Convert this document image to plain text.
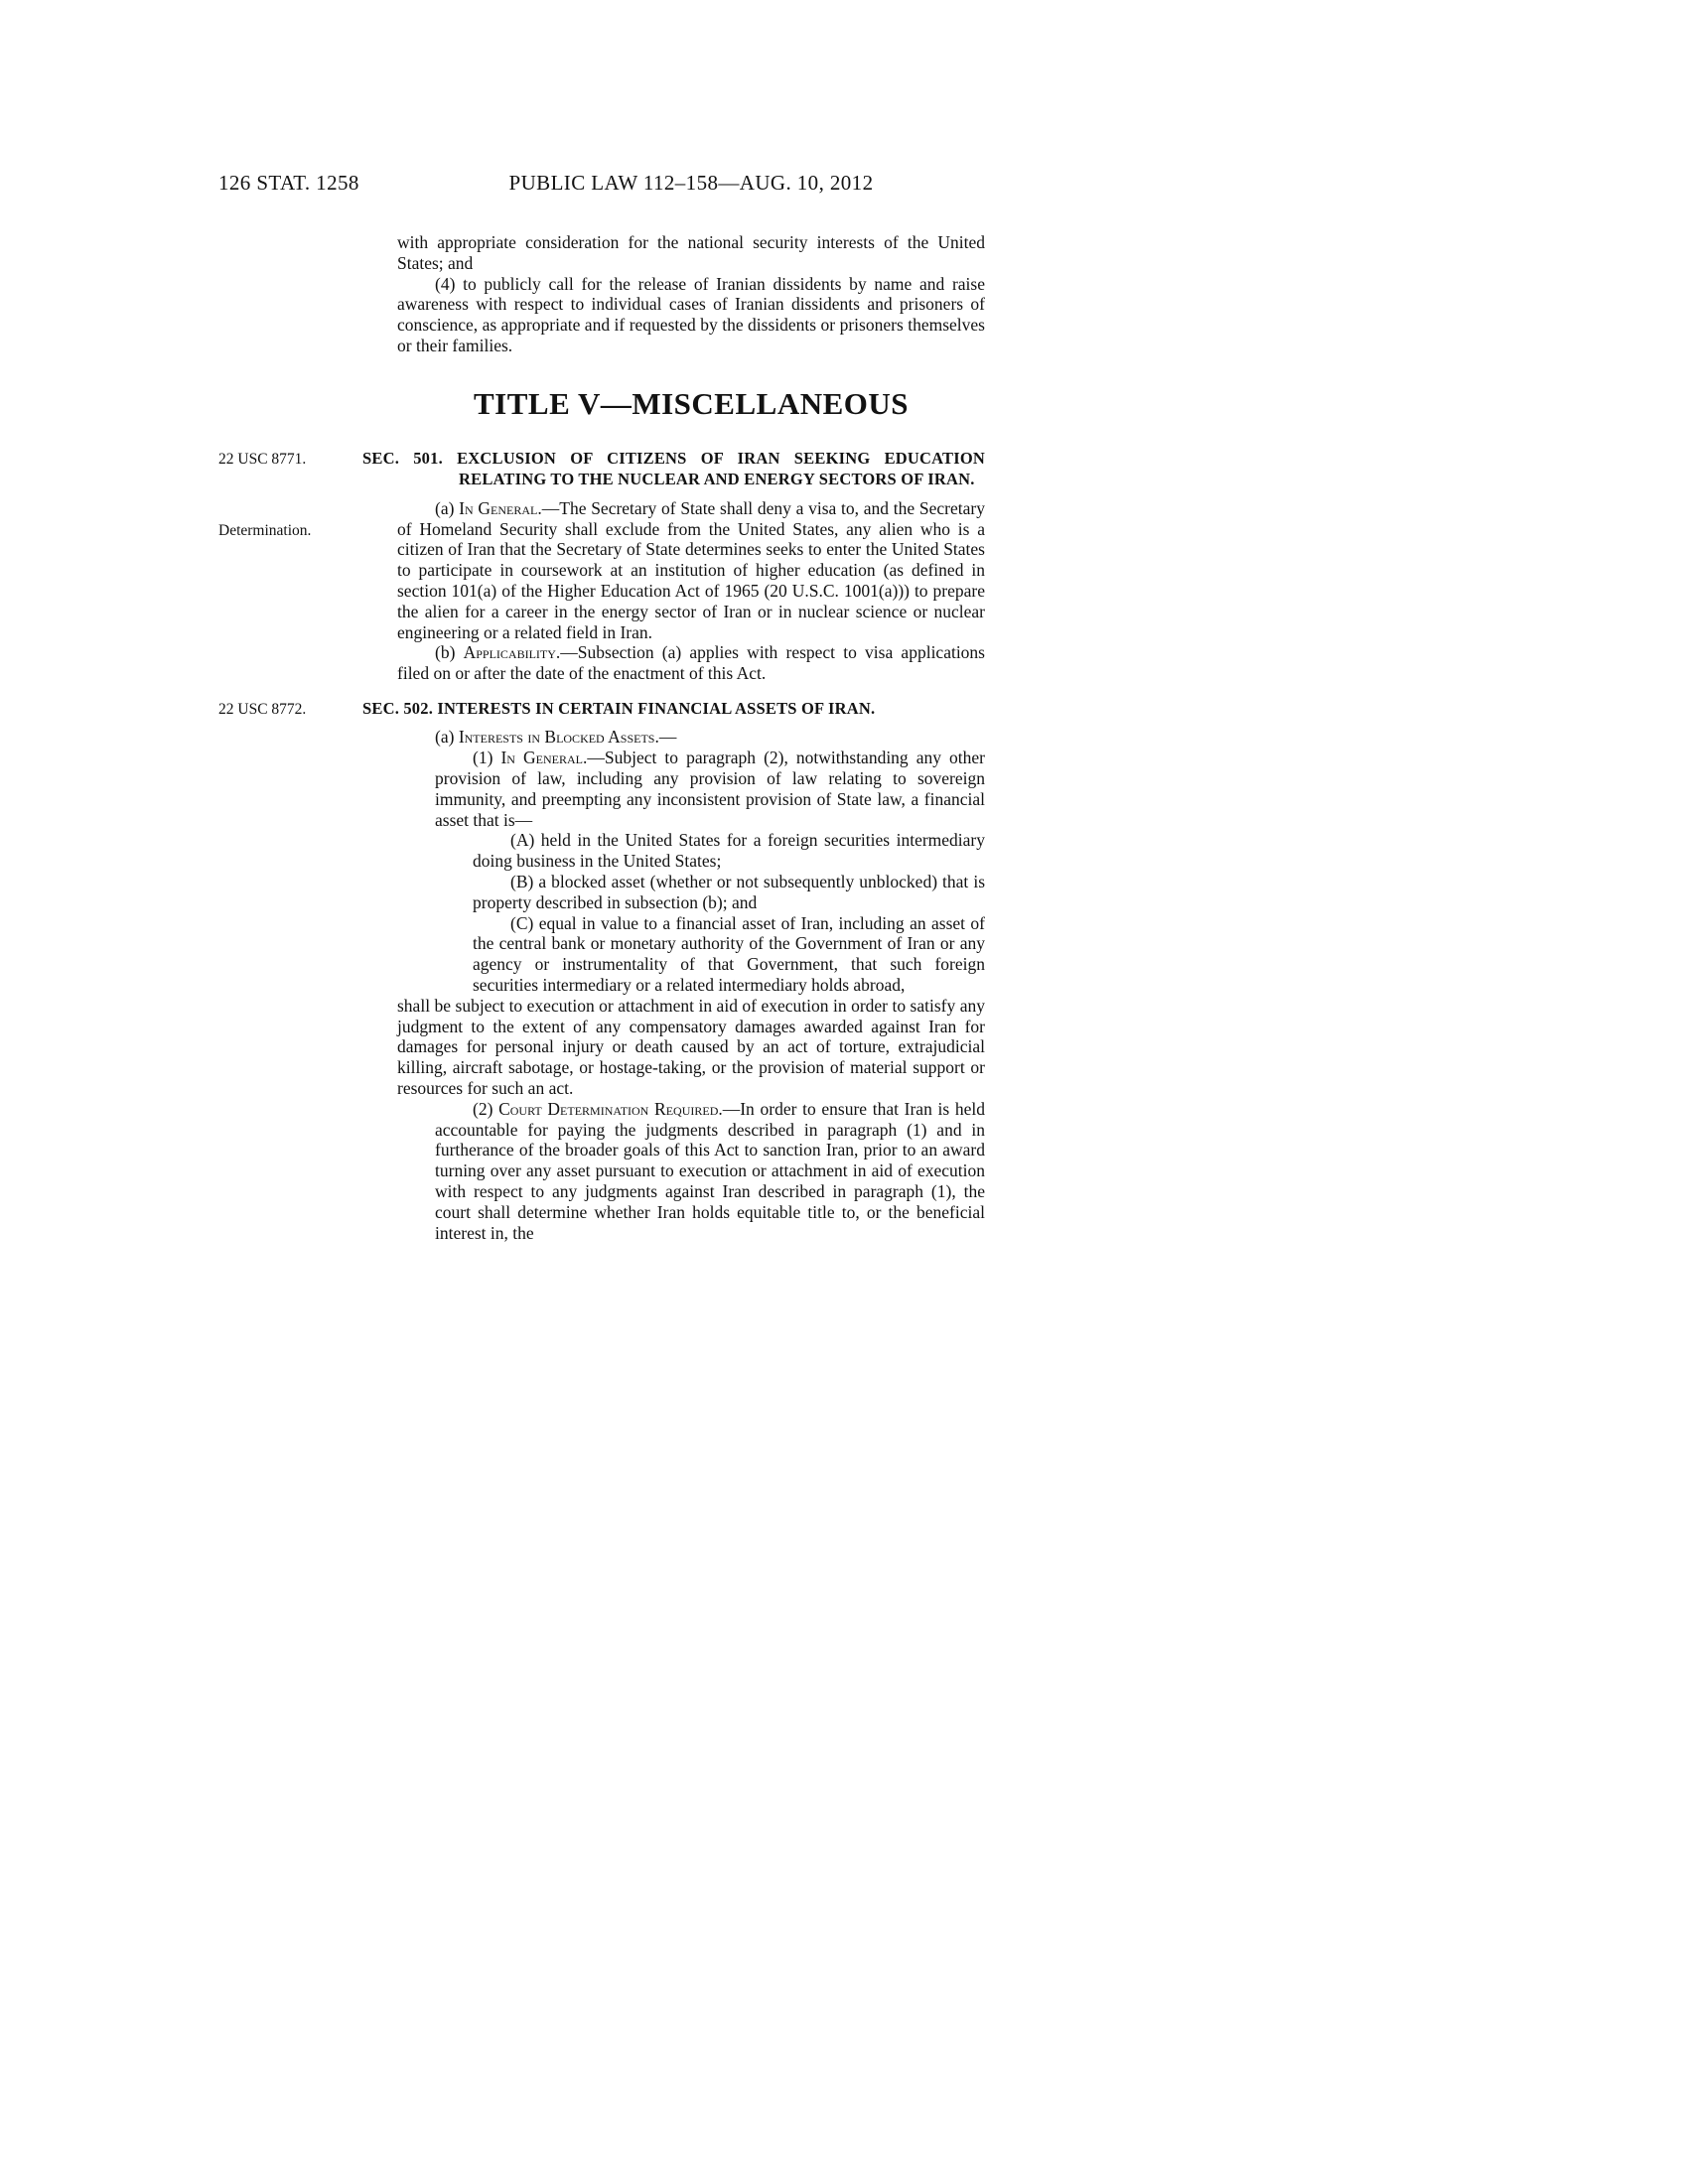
126 STAT. 1258	PUBLIC LAW 112–158—AUG. 10, 2012

with appropriate consideration for the national security interests of the United States; and

(4) to publicly call for the release of Iranian dissidents by name and raise awareness with respect to individual cases of Iranian dissidents and prisoners of conscience, as appropriate and if requested by the dissidents or prisoners themselves or their families.

TITLE V—MISCELLANEOUS
22 USC 8771.
Determination.

SEC. 501. EXCLUSION OF CITIZENS OF IRAN SEEKING EDUCATION RELATING TO THE NUCLEAR AND ENERGY SECTORS OF IRAN.

(a) In General.—The Secretary of State shall deny a visa to, and the Secretary of Homeland Security shall exclude from the United States, any alien who is a citizen of Iran that the Secretary of State determines seeks to enter the United States to participate in coursework at an institution of higher education (as defined in section 101(a) of the Higher Education Act of 1965 (20 U.S.C. 1001(a))) to prepare the alien for a career in the energy sector of Iran or in nuclear science or nuclear engineering or a related field in Iran.

(b) Applicability.—Subsection (a) applies with respect to visa applications filed on or after the date of the enactment of this Act.

22 USC 8772.	SEC. 502. INTERESTS IN CERTAIN FINANCIAL ASSETS OF IRAN.

(a) Interests in Blocked Assets.—

(1) In General.—Subject to paragraph (2), notwithstanding any other provision of law, including any provision of law relating to sovereign immunity, and preempting any inconsistent provision of State law, a financial asset that is—

(A) held in the United States for a foreign securities intermediary doing business in the United States;

(B) a blocked asset (whether or not subsequently unblocked) that is property described in subsection (b); and

(C) equal in value to a financial asset of Iran, including an asset of the central bank or monetary authority of the Government of Iran or any agency or instrumentality of that Government, that such foreign securities intermediary or a related intermediary holds abroad,

shall be subject to execution or attachment in aid of execution in order to satisfy any judgment to the extent of any compensatory damages awarded against Iran for damages for personal injury or death caused by an act of torture, extrajudicial killing, aircraft sabotage, or hostage-taking, or the provision of material support or resources for such an act.

(2) Court Determination Required.—In order to ensure that Iran is held accountable for paying the judgments described in paragraph (1) and in furtherance of the broader goals of this Act to sanction Iran, prior to an award turning over any asset pursuant to execution or attachment in aid of execution with respect to any judgments against Iran described in paragraph (1), the court shall determine whether Iran holds equitable title to, or the beneficial interest in, the
